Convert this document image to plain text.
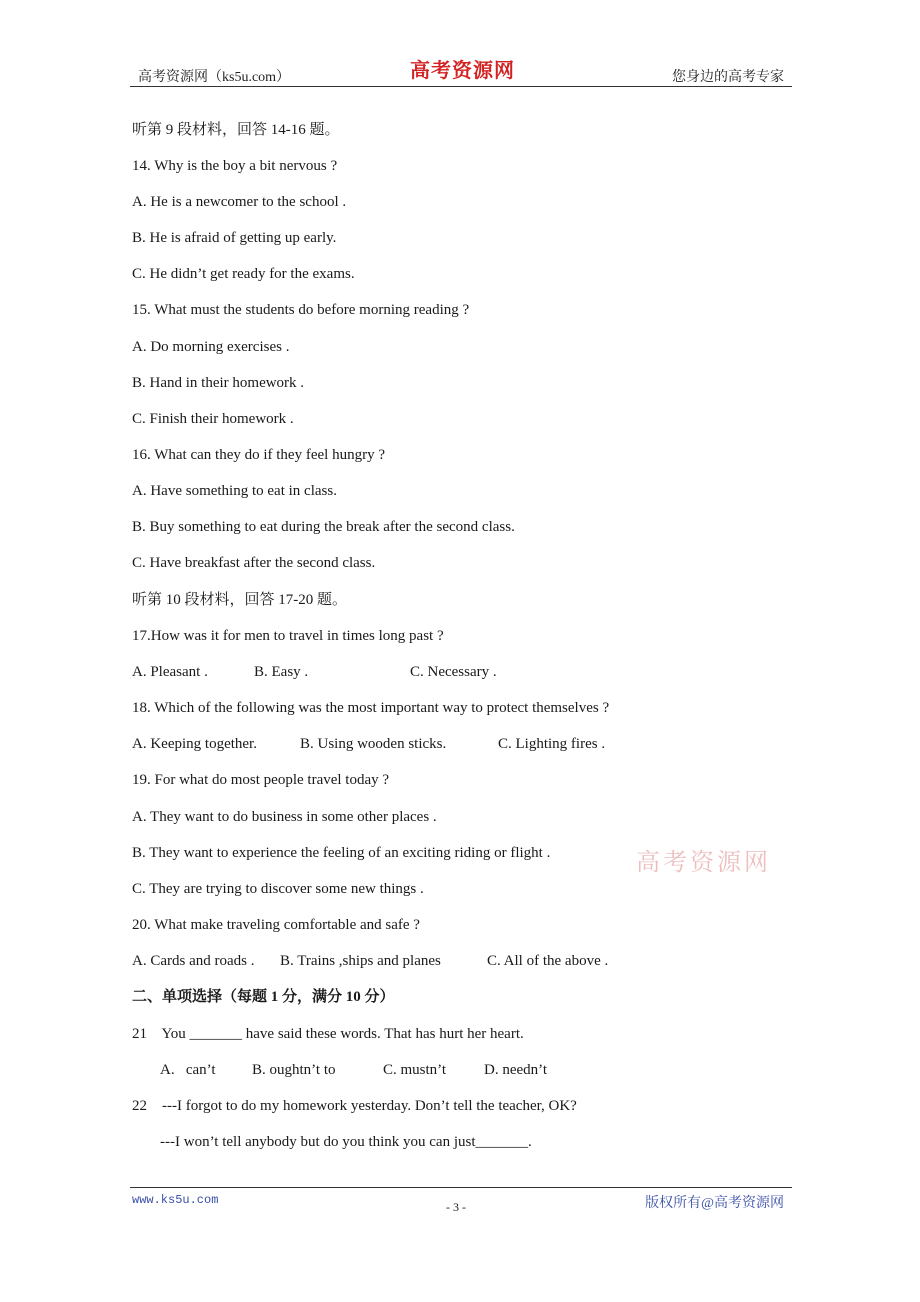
高考资源网（ks5u.com）	高考资源网	您身边的高考专家
听第 9 段材料，回答 14-16 题。
14. Why is the boy a bit nervous ?
A. He is a newcomer to the school .
B. He is afraid of getting up early.
C. He didn’t get ready for the exams.
15. What must the students do before morning reading ?
A. Do morning exercises .
B. Hand in their homework .
C. Finish their homework .
16. What can they do if they feel hungry ?
A. Have something to eat in class.
B. Buy something to eat during the break after the second class.
C. Have breakfast after the second class.
听第 10 段材料，回答 17-20 题。
17.How was it for men to travel in times long past ?
A. Pleasant .	B. Easy .	C. Necessary .
18. Which of the following was the most important way to protect themselves ?
A. Keeping together.	B. Using wooden sticks.	C. Lighting fires .
19. For what do most people travel today ?
A. They want to do business in some other places .
B. They want to experience the feeling of an exciting riding or flight .
C. They are trying to discover some new things .
20. What make traveling comfortable and safe ?
A. Cards and roads . B. Trains ,ships and planes	C. All of the above .
二、单项选择（每题 1 分，满分 10 分）
21    You _______ have said these words. That has hurt her heart.
A.   can’t B. oughtn’t to	C. mustn’t	D. needn’t
22    ---I forgot to do my homework yesterday. Don’t tell the teacher, OK?
---I won’t tell anybody but do you think you can just_______.
高考资源网
www.ks5u.com	- 3 -	版权所有@高考资源网
